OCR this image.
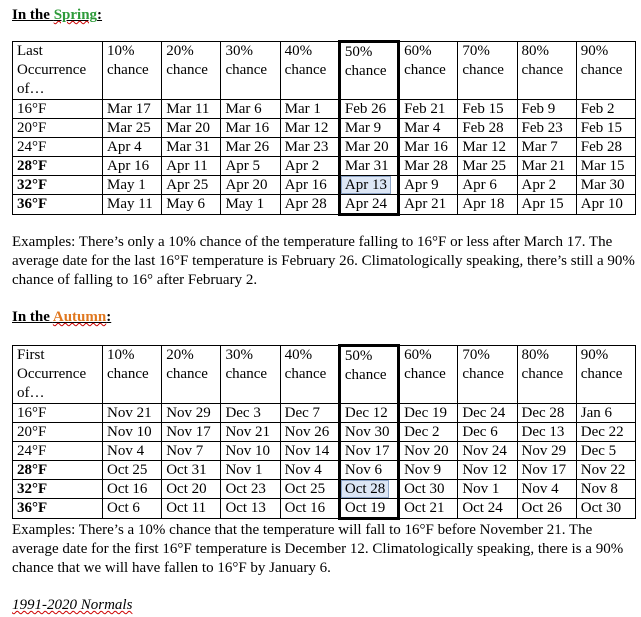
In the Spring:
Last Occurrence of…	10% chance	20% chance	30% chance	40% chance	50% chance	60% chance	70% chance	80% chance	90% chance
16°F	Mar 17	Mar 11	Mar 6	Mar 1	Feb 26	Feb 21	Feb 15	Feb 9	Feb 2
20°F	Mar 25	Mar 20	Mar 16	Mar 12	Mar 9	Mar 4	Feb 28	Feb 23	Feb 15
24°F	Apr 4	Mar 31	Mar 26	Mar 23	Mar 20	Mar 16	Mar 12	Mar 7	Feb 28
28°F	Apr 16	Apr 11	Apr 5	Apr 2	Mar 31	Mar 28	Mar 25	Mar 21	Mar 15
32°F	May 1	Apr 25	Apr 20	Apr 16	Apr 13	Apr 9	Apr 6	Apr 2	Mar 30
36°F	May 11	May 6	May 1	Apr 28	Apr 24	Apr 21	Apr 18	Apr 15	Apr 10
Examples: There’s only a 10% chance of the temperature falling to 16°F or less after March 17. The average date for the last 16°F temperature is February 26. Climatologically speaking, there’s still a 90% chance of falling to 16° after February 2.
In the Autumn:
First Occurrence of…	10% chance	20% chance	30% chance	40% chance	50% chance	60% chance	70% chance	80% chance	90% chance
16°F	Nov 21	Nov 29	Dec 3	Dec 7	Dec 12	Dec 19	Dec 24	Dec 28	Jan 6
20°F	Nov 10	Nov 17	Nov 21	Nov 26	Nov 30	Dec 2	Dec 6	Dec 13	Dec 22
24°F	Nov 4	Nov 7	Nov 10	Nov 14	Nov 17	Nov 20	Nov 24	Nov 29	Dec 5
28°F	Oct 25	Oct 31	Nov 1	Nov 4	Nov 6	Nov 9	Nov 12	Nov 17	Nov 22
32°F	Oct 16	Oct 20	Oct 23	Oct 25	Oct 28	Oct 30	Nov 1	Nov 4	Nov 8
36°F	Oct 6	Oct 11	Oct 13	Oct 16	Oct 19	Oct 21	Oct 24	Oct 26	Oct 30
Examples: There’s a 10% chance that the temperature will fall to 16°F before November 21. The average date for the first 16°F temperature is December 12. Climatologically speaking, there is a 90% chance that we will have fallen to 16°F by January 6.
1991-2020 Normals
